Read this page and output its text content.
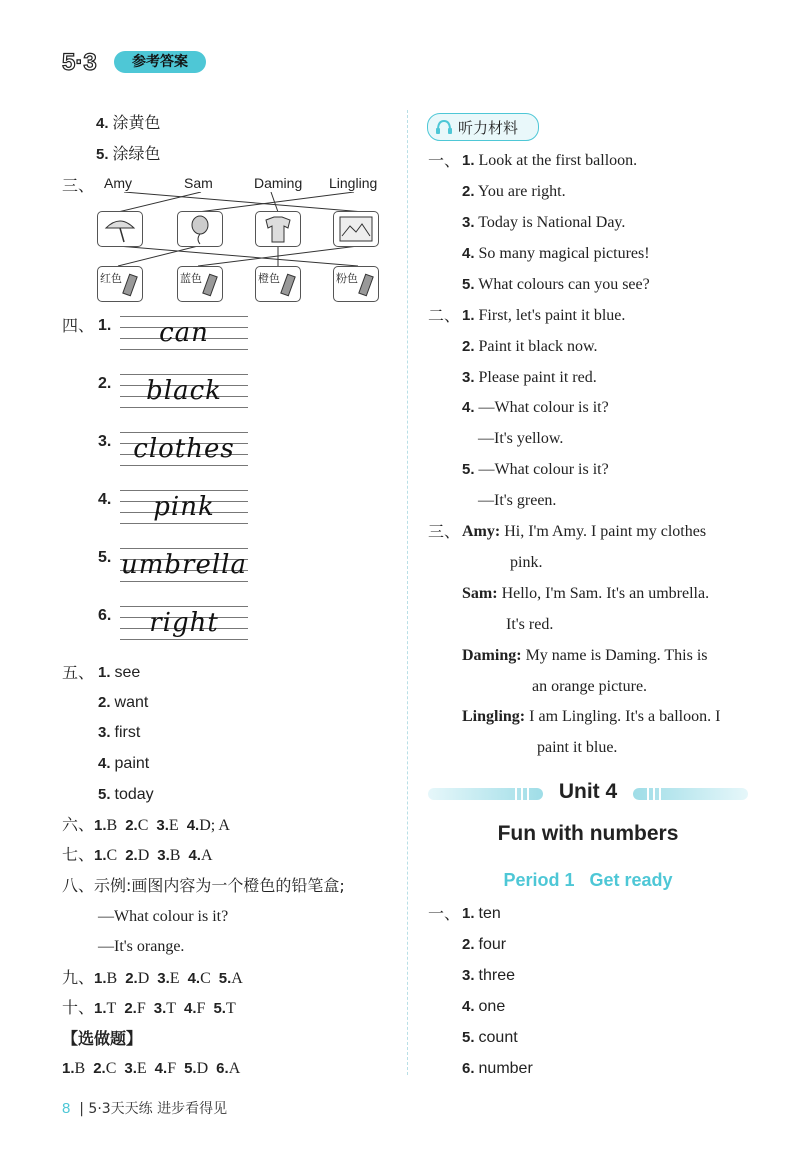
5·3	参考答案
4. 涂黄色
5. 涂绿色
三、 Amy	Sam	Daming Lingling
红色	蓝色	橙色	粉色
四、 1.
2.
3.
4.
5.
6.
can
black
clothes
pink
umbrella
right
五、 1. see
2. want
3. first
4. paint
5. today
六、1.B 2.C 3.E 4.D; A
七、1.C 2.D 3.B 4.A
八、示例:画图内容为一个橙色的铅笔盒;
—What colour is it?
—It's orange.
九、1.B 2.D 3.E 4.C 5.A
十、1.T 2.F 3.T 4.F 5.T
【选做题】
1.B 2.C 3.E 4.F 5.D 6.A
听力材料
一、 1. Look at the first balloon.
2. You are right.
3. Today is National Day.
4. So many magical pictures!
5. What colours can you see?
二、 1. First, let's paint it blue.
2. Paint it black now.
3. Please paint it red.
4. —What colour is it?
—It's yellow.
5. —What colour is it?
—It's green.
三、 Amy: Hi, I'm Amy. I paint my clothes
pink.
Sam: Hello, I'm Sam. It's an umbrella.
It's red.
Daming: My name is Daming. This is
an orange picture.
Lingling: I am Lingling. It's a balloon. I
paint it blue.
Unit 4
Fun with numbers
Period 1   Get ready
一、 1. ten
2. four
3. three
4. one
5. count
6. number
8 | 5·3天天练 进步看得见
